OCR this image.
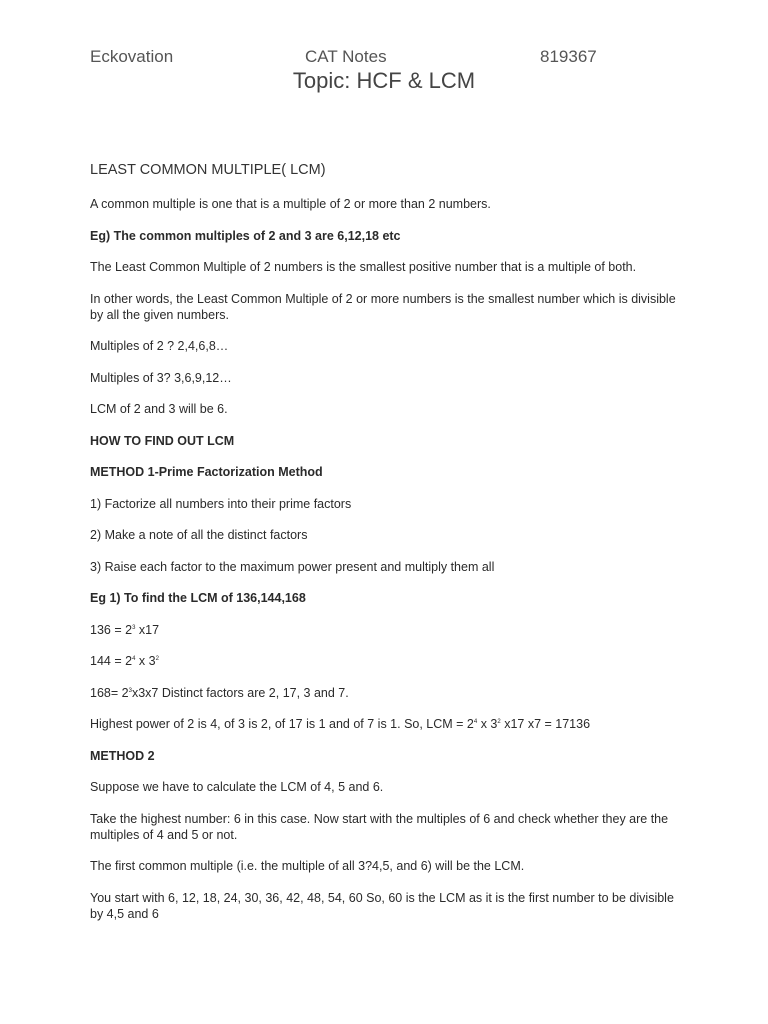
Eckovation	CAT Notes	819367
Topic: HCF & LCM

LEAST COMMON MULTIPLE( LCM)

A common multiple is one that is a multiple of 2 or more than 2 numbers.

Eg) The common multiples of 2 and 3 are 6,12,18 etc

The Least Common Multiple of 2 numbers is the smallest positive number that is a multiple of both.

In other words, the Least Common Multiple of 2 or more numbers is the smallest number which is divisible by all the given numbers.

Multiples of 2 ? 2,4,6,8…

Multiples of 3? 3,6,9,12…

LCM of 2 and 3 will be 6.

HOW TO FIND OUT LCM

METHOD 1-Prime Factorization Method

1) Factorize all numbers into their prime factors

2) Make a note of all the distinct factors

3) Raise each factor to the maximum power present and multiply them all

Eg 1) To find the LCM of 136,144,168

$136 = 2^3$ x17

$144 = 2^4$ x $3^2$

$168= 2^3x3x7$ Distinct factors are 2, 17, 3 and 7.

Highest power of 2 is 4, of 3 is 2, of 17 is 1 and of 7 is 1. So, LCM = $2^4$ x $3^2$ x17 x7 = 17136

METHOD 2

Suppose we have to calculate the LCM of 4, 5 and 6.

Take the highest number: 6 in this case. Now start with the multiples of 6 and check whether they are the multiples of 4 and 5 or not.

The first common multiple (i.e. the multiple of all 3?4,5, and 6) will be the LCM.

You start with 6, 12, 18, 24, 30, 36, 42, 48, 54, 60 So, 60 is the LCM as it is the first number to be divisible by 4,5 and 6
